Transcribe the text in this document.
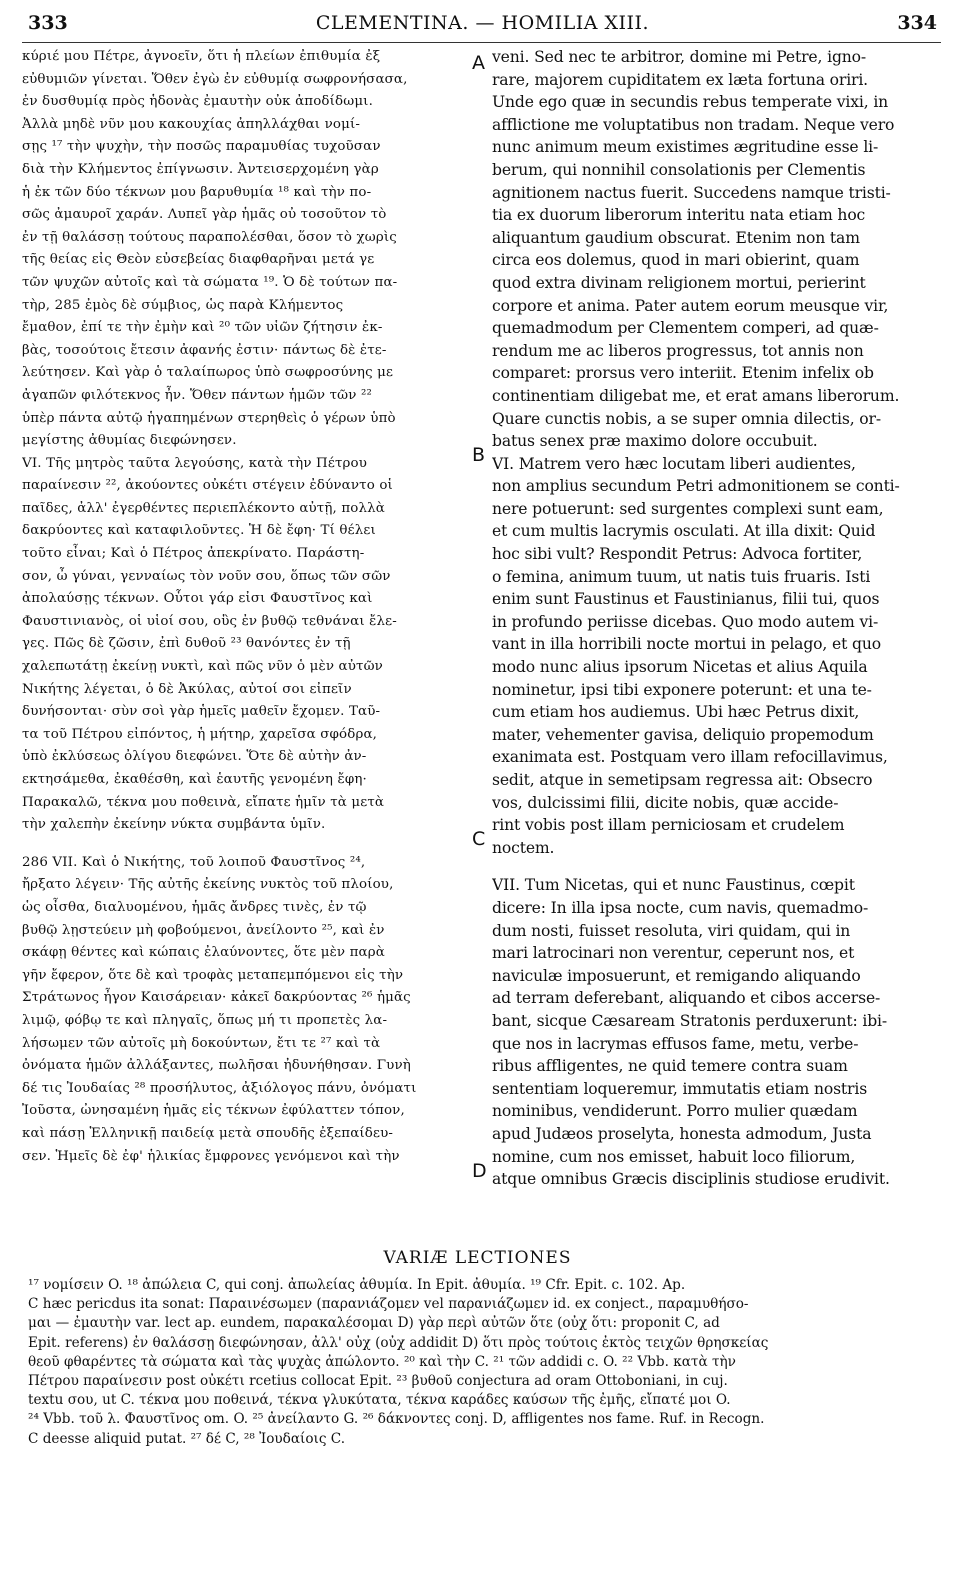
333	CLEMENTINA. — HOMILIA XIII.	334
A
B
C
D
κύριέ μου Πέτρε, ἀγνοεῖν, ὅτι ἡ πλείων ἐπιθυμία ἐξ
εὐθυμιῶν γίνεται. Ὅθεν ἐγὼ ἐν εὐθυμίᾳ σωφρονήσασα,
ἐν δυσθυμίᾳ πρὸς ἡδονὰς ἐμαυτὴν οὐκ ἀποδίδωμι.
Ἀλλὰ μηδὲ νῦν μου κακουχίας ἀπηλλάχθαι νομί-
σῃς ¹⁷ τὴν ψυχὴν, τὴν ποσῶς παραμυθίας τυχοῦσαν
διὰ τὴν Κλήμεντος ἐπίγνωσιν. Ἀντεισερχομένη γὰρ
ἡ ἐκ τῶν δύο τέκνων μου βαρυθυμία ¹⁸ καὶ τὴν πο-
σῶς ἀμαυροῖ χαράν. Λυπεῖ γὰρ ἡμᾶς οὐ τοσοῦτον τὸ
ἐν τῇ θαλάσσῃ τούτους παραπολέσθαι, ὅσον τὸ χωρὶς
τῆς θείας εἰς Θεὸν εὐσεβείας διαφθαρῆναι μετά γε
τῶν ψυχῶν αὐτοῖς καὶ τὰ σώματα ¹⁹. Ὁ δὲ τούτων πα-
τὴρ, 285 ἐμὸς δὲ σύμβιος, ὡς παρὰ Κλήμεντος
ἔμαθον, ἐπί τε τὴν ἐμὴν καὶ ²⁰ τῶν υἱῶν ζήτησιν ἐκ-
βὰς, τοσούτοις ἔτεσιν ἀφανής ἐστιν· πάντως δὲ ἐτε-
λεύτησεν. Καὶ γὰρ ὁ ταλαίπωρος ὑπὸ σωφροσύνης με
ἀγαπῶν φιλότεκνος ἦν. Ὅθεν πάντων ἡμῶν τῶν ²²
ὑπὲρ πάντα αὐτῷ ἡγαπημένων στερηθεὶς ὁ γέρων ὑπὸ
μεγίστης ἀθυμίας διεφώνησεν.
VI. Τῆς μητρὸς ταῦτα λεγούσης, κατὰ τὴν Πέτρου
παραίνεσιν ²², ἀκούοντες οὐκέτι στέγειν ἐδύναντο οἱ
παῖδες, ἀλλ' ἐγερθέντες περιεπλέκοντο αὐτῇ, πολλὰ
δακρύοντες καὶ καταφιλοῦντες. Ἡ δὲ ἔφη· Τί θέλει
τοῦτο εἶναι; Καὶ ὁ Πέτρος ἀπεκρίνατο. Παράστη-
σον, ὦ γύναι, γενναίως τὸν νοῦν σου, ὅπως τῶν σῶν
ἀπολαύσῃς τέκνων. Οὗτοι γάρ εἰσι Φαυστῖνος καὶ
Φαυστινιανὸς, οἱ υἱοί σου, οὓς ἐν βυθῷ τεθνάναι ἔλε-
γες. Πῶς δὲ ζῶσιν, ἐπὶ δυθοῦ ²³ θανόντες ἐν τῇ
χαλεπωτάτῃ ἐκείνῃ νυκτὶ, καὶ πῶς νῦν ὁ μὲν αὐτῶν
Νικήτης λέγεται, ὁ δὲ Ἀκύλας, αὐτοί σοι εἰπεῖν
δυνήσονται· σὺν σοὶ γὰρ ἡμεῖς μαθεῖν ἔχομεν. Ταῦ-
τα τοῦ Πέτρου εἰπόντος, ἡ μήτηρ, χαρεῖσα σφόδρα,
ὑπὸ ἐκλύσεως ὀλίγου διεφώνει. Ὅτε δὲ αὐτὴν ἀν-
εκτησάμεθα, ἐκαθέσθη, καὶ ἑαυτῆς γενομένη ἔφη·
Παρακαλῶ, τέκνα μου ποθεινὰ, εἴπατε ἡμῖν τὰ μετὰ
τὴν χαλεπὴν ἐκείνην νύκτα συμβάντα ὑμῖν.
286 VII. Καὶ ὁ Νικήτης, τοῦ λοιποῦ Φαυστῖνος ²⁴,
ἤρξατο λέγειν· Τῆς αὐτῆς ἐκείνης νυκτὸς τοῦ πλοίου,
ὡς οἶσθα, διαλυομένου, ἡμᾶς ἄνδρες τινὲς, ἐν τῷ
βυθῷ λῃστεύειν μὴ φοβούμενοι, ἀνείλοντο ²⁵, καὶ ἐν
σκάφῃ θέντες καὶ κώπαις ἐλαύνοντες, ὅτε μὲν παρὰ
γῆν ἔφερον, ὅτε δὲ καὶ τροφὰς μεταπεμπόμενοι εἰς τὴν
Στράτωνος ἦγον Καισάρειαν· κἀκεῖ δακρύοντας ²⁶ ἡμᾶς
λιμῷ, φόβῳ τε καὶ πληγαῖς, ὅπως μή τι προπετὲς λα-
λήσωμεν τῶν αὐτοῖς μὴ δοκούντων, ἔτι τε ²⁷ καὶ τὰ
ὀνόματα ἡμῶν ἀλλάξαντες, πωλῆσαι ἠδυνήθησαν. Γυνὴ
δέ τις Ἰουδαίας ²⁸ προσήλυτος, ἀξιόλογος πάνυ, ὀνόματι
Ἰοῦστα, ὠνησαμένη ἡμᾶς εἰς τέκνων ἐφύλαττεν τόπον,
καὶ πάσῃ Ἑλληνικῇ παιδείᾳ μετὰ σπουδῆς ἐξεπαίδευ-
σεν. Ἡμεῖς δὲ ἐφ' ἡλικίας ἔμφρονες γενόμενοι καὶ τὴν
veni. Sed nec te arbitror, domine mi Petre, igno-
rare, majorem cupiditatem ex læta fortuna oriri.
Unde ego quæ in secundis rebus temperate vixi, in
afflictione me voluptatibus non tradam. Neque vero
nunc animum meum existimes ægritudine esse li-
berum, qui nonnihil consolationis per Clementis
agnitionem nactus fuerit. Succedens namque tristi-
tia ex duorum liberorum interitu nata etiam hoc
aliquantum gaudium obscurat. Etenim non tam
circa eos dolemus, quod in mari obierint, quam
quod extra divinam religionem mortui, perierint
corpore et anima. Pater autem eorum meusque vir,
quemadmodum per Clementem comperi, ad quæ-
rendum me ac liberos progressus, tot annis non
comparet: prorsus vero interiit. Etenim infelix ob
continentiam diligebat me, et erat amans liberorum.
Quare cunctis nobis, a se super omnia dilectis, or-
batus senex præ maximo dolore occubuit.
VI. Matrem vero hæc locutam liberi audientes,
non amplius secundum Petri admonitionem se conti-
nere potuerunt: sed surgentes complexi sunt eam,
et cum multis lacrymis osculati. At illa dixit: Quid
hoc sibi vult? Respondit Petrus: Advoca fortiter,
o femina, animum tuum, ut natis tuis fruaris. Isti
enim sunt Faustinus et Faustinianus, filii tui, quos
in profundo periisse dicebas. Quo modo autem vi-
vant in illa horribili nocte mortui in pelago, et quo
modo nunc alius ipsorum Nicetas et alius Aquila
nominetur, ipsi tibi exponere poterunt: et una te-
cum etiam hos audiemus. Ubi hæc Petrus dixit,
mater, vehementer gavisa, deliquio propemodum
exanimata est. Postquam vero illam refocillavimus,
sedit, atque in semetipsam regressa ait: Obsecro
vos, dulcissimi filii, dicite nobis, quæ accide-
rint vobis post illam perniciosam et crudelem
noctem.
VII. Tum Nicetas, qui et nunc Faustinus, cœpit
dicere: In illa ipsa nocte, cum navis, quemadmo-
dum nosti, fuisset resoluta, viri quidam, qui in
mari latrocinari non verentur, ceperunt nos, et
naviculæ imposuerunt, et remigando aliquando
ad terram deferebant, aliquando et cibos accerse-
bant, sicque Cæsaream Stratonis perduxerunt: ibi-
que nos in lacrymas effusos fame, metu, verbe-
ribus affligentes, ne quid temere contra suam
sententiam loqueremur, immutatis etiam nostris
nominibus, vendiderunt. Porro mulier quædam
apud Judæos proselyta, honesta admodum, Justa
nomine, cum nos emisset, habuit loco filiorum,
atque omnibus Græcis disciplinis studiose erudivit.
VARIÆ LECTIONES
¹⁷ νομίσειν O. ¹⁸ ἀπώλεια C, qui conj. ἀπωλείας ἀθυμία. In Epit. ἀθυμία. ¹⁹ Cfr. Epit. c. 102. Ap.
C hæc pericdus ita sonat: Παραινέσωμεν (παρανιάζομεν vel παρανιάζωμεν id. ex conject., παραμυθήσο-
μαι — ἐμαυτὴν var. lect ap. eundem, παρακαλέσομαι D) γὰρ περὶ αὐτῶν ὅτε (οὐχ ὅτι: proponit C, ad
Epit. referens) ἐν θαλάσσῃ διεφώνησαν, ἀλλ' οὐχ (οὐχ addidit D) ὅτι πρὸς τούτοις ἐκτὸς τειχῶν θρησκείας
θεοῦ φθαρέντες τὰ σώματα καὶ τὰς ψυχὰς ἀπώλοντο. ²⁰ καὶ τὴν C. ²¹ τῶν addidi c. O. ²² Vbb. κατὰ τὴν
Πέτρου παραίνεσιν post οὐκέτι rcetius collocat Epit. ²³ βυθοῦ conjectura ad oram Ottoboniani, in cuj.
textu σου, ut C. τέκνα μου ποθεινά, τέκνα γλυκύτατα, τέκνα καράδες καύσων τῆς ἐμῆς, εἴπατέ μοι O.
²⁴ Vbb. τοῦ λ. Φαυστῖνος om. O. ²⁵ ἀνείλαντο G. ²⁶ δάκνοντες conj. D, affligentes nos fame. Ruf. in Recogn.
C deesse aliquid putat. ²⁷ δέ C, ²⁸ Ἰουδαίοις C.
